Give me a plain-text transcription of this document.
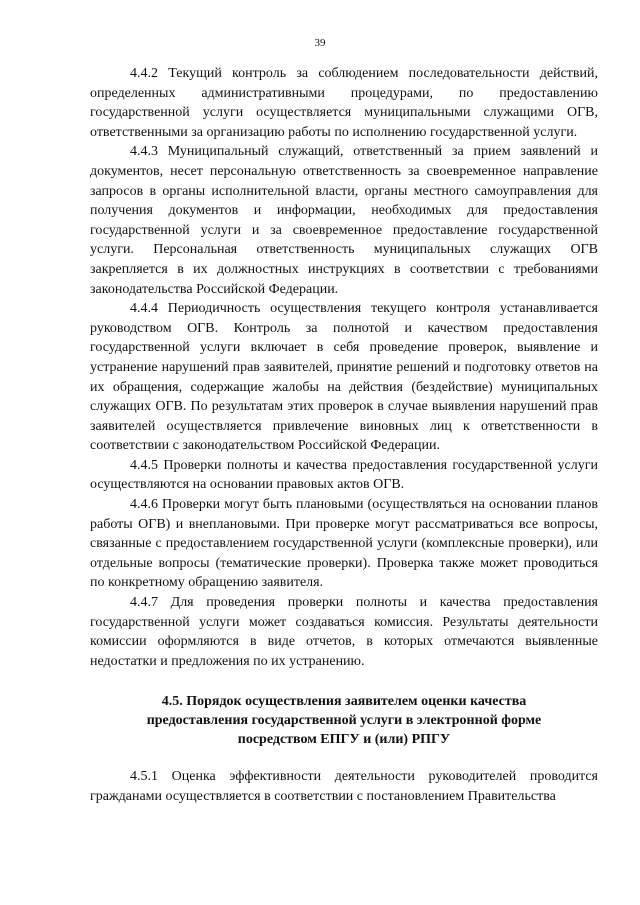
39

4.4.2 Текущий контроль за соблюдением последовательности действий, определенных административными процедурами, по предоставлению государственной услуги осуществляется муниципальными служащими ОГВ, ответственными за организацию работы по исполнению государственной услуги.

4.4.3 Муниципальный служащий, ответственный за прием заявлений и документов, несет персональную ответственность за своевременное направление запросов в органы исполнительной власти, органы местного самоуправления для получения документов и информации, необходимых для предоставления государственной услуги и за своевременное предоставление государственной услуги. Персональная ответственность муниципальных служащих ОГВ закрепляется в их должностных инструкциях в соответствии с требованиями законодательства Российской Федерации.

4.4.4 Периодичность осуществления текущего контроля устанавливается руководством ОГВ. Контроль за полнотой и качеством предоставления государственной услуги включает в себя проведение проверок, выявление и устранение нарушений прав заявителей, принятие решений и подготовку ответов на их обращения, содержащие жалобы на действия (бездействие) муниципальных служащих ОГВ. По результатам этих проверок в случае выявления нарушений прав заявителей осуществляется привлечение виновных лиц к ответственности в соответствии с законодательством Российской Федерации.

4.4.5 Проверки полноты и качества предоставления государственной услуги осуществляются на основании правовых актов ОГВ.

4.4.6 Проверки могут быть плановыми (осуществляться на основании планов работы ОГВ) и внеплановыми. При проверке могут рассматриваться все вопросы, связанные с предоставлением государственной услуги (комплексные проверки), или отдельные вопросы (тематические проверки). Проверка также может проводиться по конкретному обращению заявителя.

4.4.7 Для проведения проверки полноты и качества предоставления государственной услуги может создаваться комиссия. Результаты деятельности комиссии оформляются в виде отчетов, в которых отмечаются выявленные недостатки и предложения по их устранению.

4.5. Порядок осуществления заявителем оценки качества предоставления государственной услуги в электронной форме посредством ЕПГУ и (или) РПГУ

4.5.1 Оценка эффективности деятельности руководителей проводится гражданами осуществляется в соответствии с постановлением Правительства
